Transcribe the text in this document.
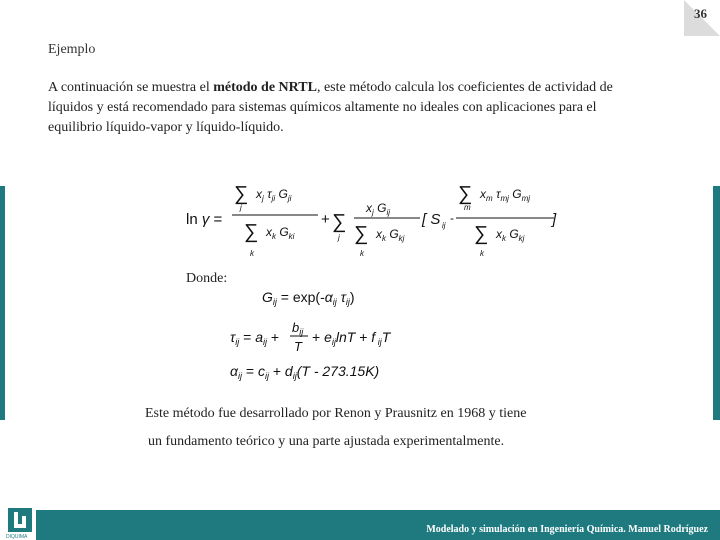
36
Ejemplo
A continuación se muestra el método de NRTL, este método calcula los coeficientes de actividad de líquidos y está recomendado para sistemas químicos altamente no ideales con aplicaciones para el equilibrio líquido-vapor y líquido-líquido.
ln γ =
∑ $x_j$ $\tau_{ji}$ $G_{ji}$
j
∑ $x_k$ $G_{ki}$
k
+ ∑
j
$x_j$ $G_{ij}$
∑ $x_k$ $G_{kj}$
k
[ S ij
-
∑ $x_m$ $\tau_{mj}$ $G_{mj}$
m
∑ $x_k$ $G_{kj}$
k
]
Donde:
$G_{ij} = \exp(-\alpha_{ij}$ $\tau_{ij}$)
$\tau_{ij} = a_{ij}$ +
$b_{ij}$
T
+ $e_{ij}\ln T + f$ $_{ij}$T
$\alpha_{ij} = c_{ij} + d_{ij}(T - 273.15K)$
Este método fue desarrollado por Renon y Prausnitz en 1968 y tiene
un fundamento teórico y una parte ajustada experimentalmente.
Modelado y simulación en Ingeniería Química. Manuel Rodríguez
DIQUIMA
